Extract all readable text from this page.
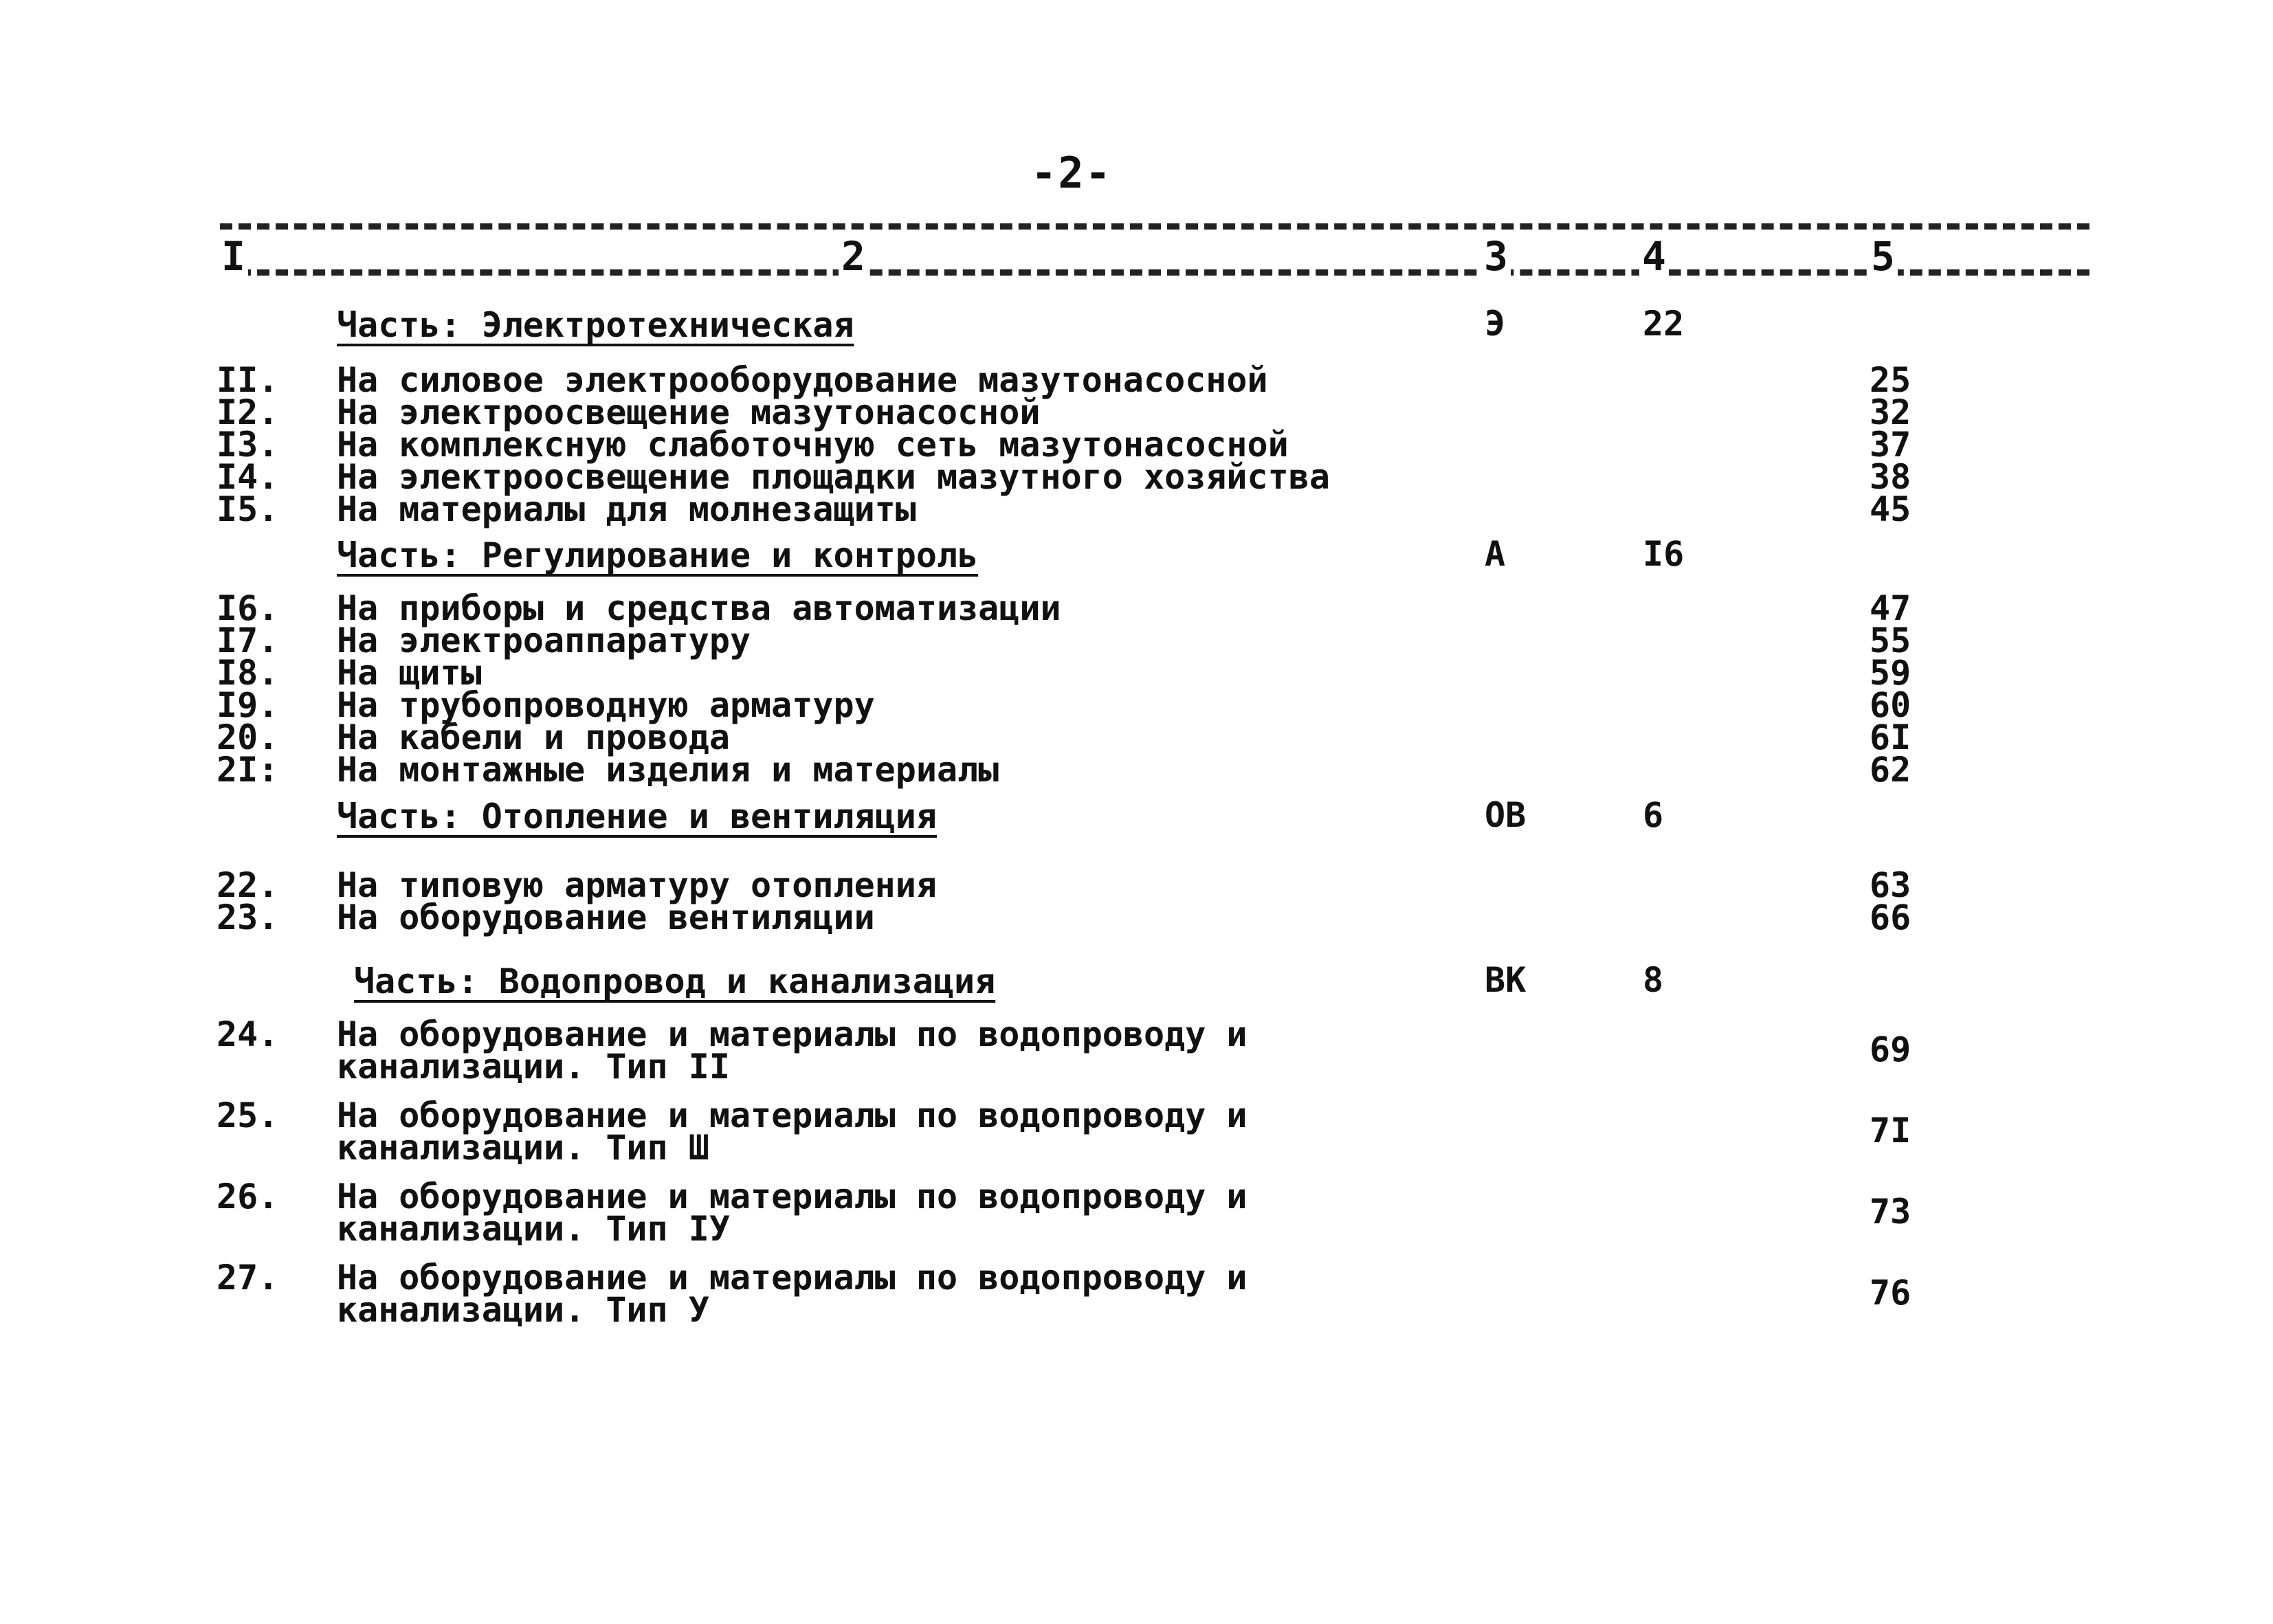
-2-
I	2	3	4	5
Часть: Электротехническая	Э	22
II. На силовое электрооборудование мазутонасосной	25
I2. На электроосвещение мазутонасосной	32
I3. На комплексную слаботочную сеть мазутонасосной	37
I4. На электроосвещение площадки мазутного хозяйства	38
I5. На материалы для молнезащиты	45
Часть: Регулирование и контроль	А	I6
I6. На приборы и средства автоматизации	47
I7. На электроаппаратуру	55
I8. На щиты	59
I9. На трубопроводную арматуру	60
20. На кабели и провода	6I
2I: На монтажные изделия и материалы	62
Часть: Отопление и вентиляция	ОВ	6
22. На типовую арматуру отопления	63
23. На оборудование вентиляции	66
Часть: Водопровод и канализация	ВК	8
24. На оборудование и материалы по водопроводу и
канализации. Тип II	69
25. На оборудование и материалы по водопроводу и
канализации. Тип Ш	7I
26. На оборудование и материалы по водопроводу и
канализации. Тип IУ	73
27. На оборудование и материалы по водопроводу и
канализации. Тип У	76
